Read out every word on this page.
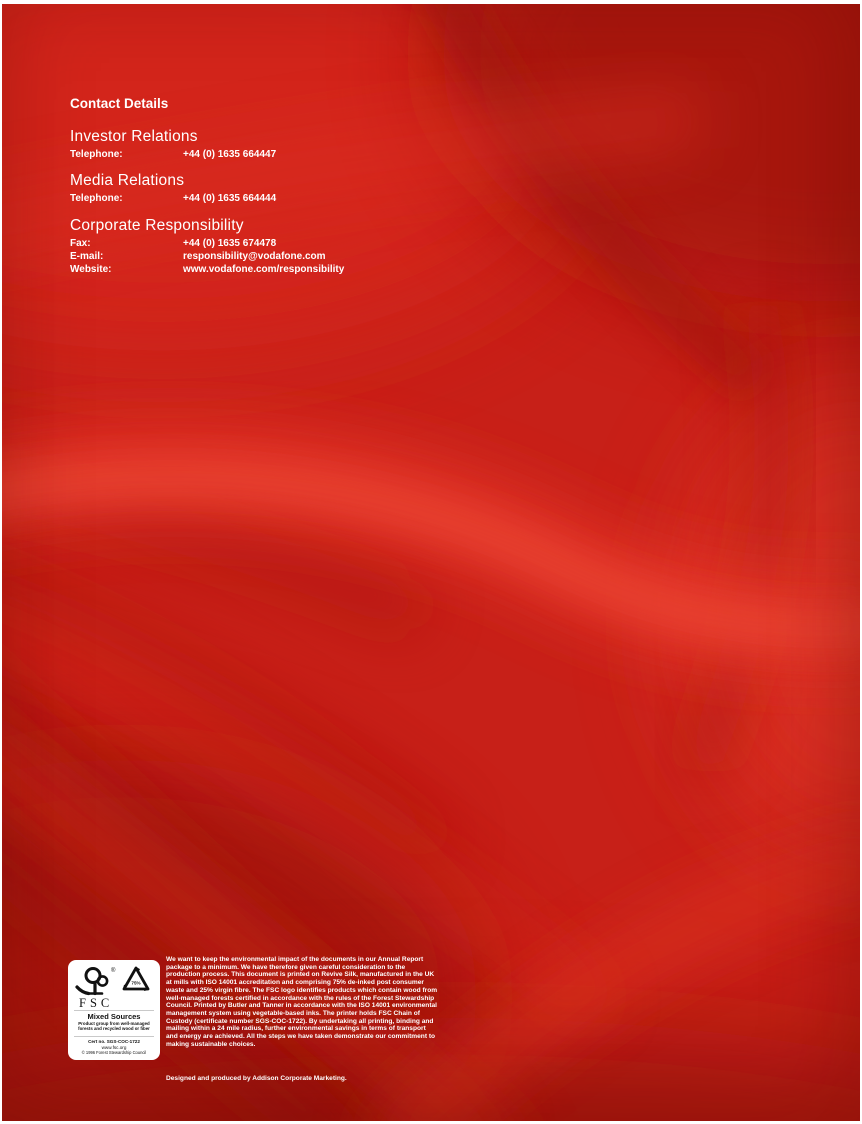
Contact Details
Investor Relations
Telephone:	+44 (0) 1635 664447
Media Relations
Telephone:	+44 (0) 1635 664444
Corporate Responsibility
Fax:	+44 (0) 1635 674478
E-mail:	responsibility@vodafone.com
Website:	www.vodafone.com/responsibility
®
75%
FSC
Mixed Sources
Product group from well-managed forests and recycled wood or fiber
Cert no. SGS-COC-1722
www.fsc.org
© 1996 Forest Stewardship Council
We want to keep the environmental impact of the documents in our Annual Report package to a minimum. We have therefore given careful consideration to the production process. This document is printed on Revive Silk, manufactured in the UK at mills with ISO 14001 accreditation and comprising 75% de-inked post consumer waste and 25% virgin fibre. The FSC logo identifies products which contain wood from well-managed forests certified in accordance with the rules of the Forest Stewardship Council. Printed by Butler and Tanner in accordance with the ISO 14001 environmental management system using vegetable-based inks. The printer holds FSC Chain of Custody (certificate number SGS-COC-1722). By undertaking all printing, binding and mailing within a 24 mile radius, further environmental savings in terms of transport and energy are achieved. All the steps we have taken demonstrate our commitment to making sustainable choices.
Designed and produced by Addison Corporate Marketing.
